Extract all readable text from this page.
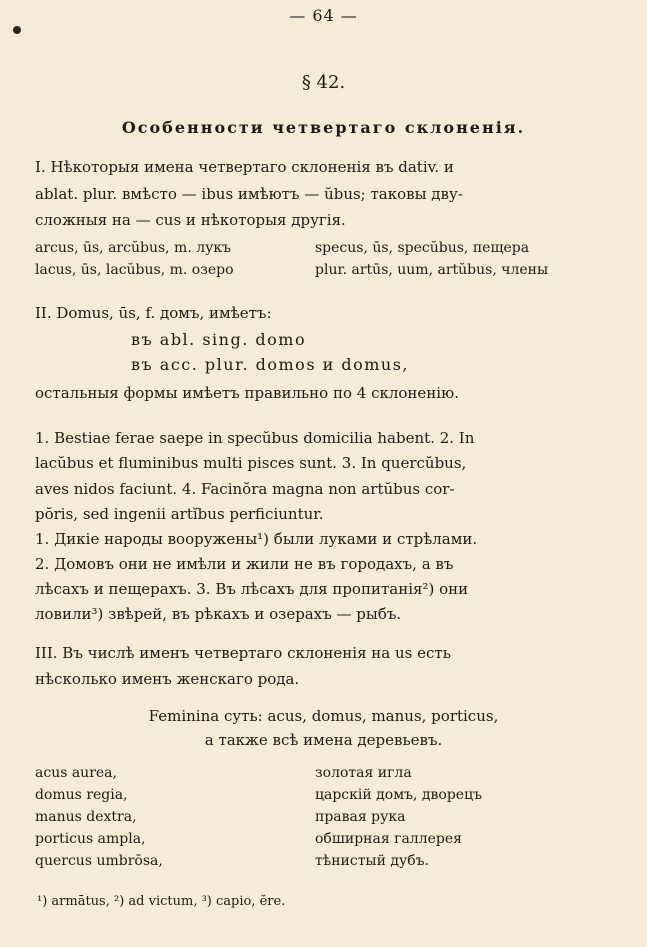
— 64 —
§ 42.
Особенности четвертаго склоненія.
I. Нѣкоторыя имена четвертаго склоненія въ dativ. и
ablat. plur. вмѣсто — ibus имѣютъ — ŭbus; таковы дву-
сложныя на — cus и нѣкоторыя другія.
arcus, ūs, arcŭbus, m. лукъ
lacus, ūs, lacŭbus, m. озеро
specus, ūs, specŭbus, пещера
plur. artūs, uum, artŭbus, члены
II. Domus, ūs, f. домъ, имѣетъ:
въ abl. sing. domo
въ acc. plur. domos и domus,
остальныя формы имѣетъ правильно по 4 склоненію.
1. Bestiae ferae saepe in specŭbus domicilia habent. 2. In
lacŭbus et fluminibus multi pisces sunt. 3. In quercŭbus,
aves nidos faciunt. 4. Facinŏra magna non artŭbus cor-
pŏris, sed ingenii artĭbus perficiuntur.
1. Дикіе народы вооружены¹) были луками и стрѣлами.
2. Домовъ они не имѣли и жили не въ городахъ, а въ
лѣсахъ и пещерахъ. 3. Въ лѣсахъ для пропитанія²) они
ловили³) звѣрей, въ рѣкахъ и озерахъ — рыбъ.
III. Въ числѣ именъ четвертаго склоненія на us есть
нѣсколько именъ женскаго рода.
Feminina суть: acus, domus, manus, porticus,
а также всѣ имена деревьевъ.
acus aurea,
domus regia,
manus dextra,
porticus ampla,
quercus umbrōsa,
золотая игла
царскій домъ, дворецъ
правая рука
обширная галлерея
тѣнистый дубъ.
¹) armātus, ²) ad victum, ³) capio, ĕre.
